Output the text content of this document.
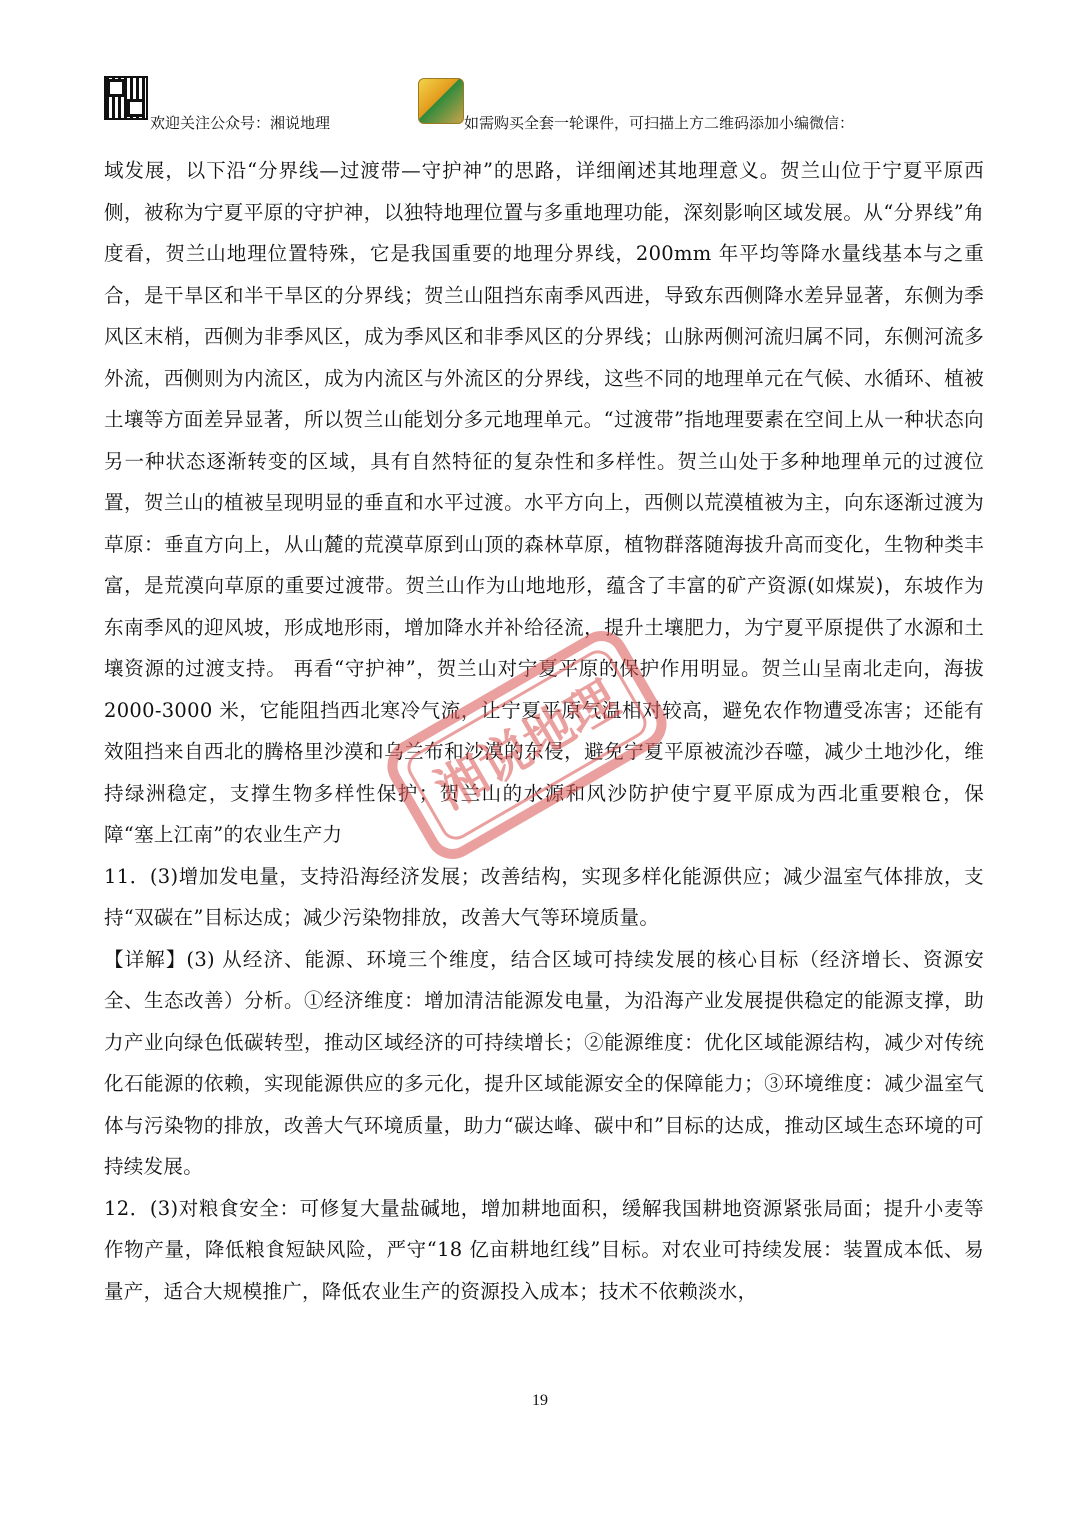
欢迎关注公众号：湘说地理	如需购买全套一轮课件，可扫描上方二维码添加小编微信：

域发展，以下沿“分界线—过渡带—守护神”的思路，详细阐述其地理意义。贺兰山位于宁夏平原西侧，被称为宁夏平原的守护神，以独特地理位置与多重地理功能，深刻影响区域发展。从“分界线”角度看，贺兰山地理位置特殊，它是我国重要的地理分界线，200mm 年平均等降水量线基本与之重合，是干旱区和半干旱区的分界线；贺兰山阻挡东南季风西进，导致东西侧降水差异显著，东侧为季风区末梢，西侧为非季风区，成为季风区和非季风区的分界线；山脉两侧河流归属不同，东侧河流多外流，西侧则为内流区，成为内流区与外流区的分界线，这些不同的地理单元在气候、水循环、植被土壤等方面差异显著，所以贺兰山能划分多元地理单元。“过渡带”指地理要素在空间上从一种状态向另一种状态逐渐转变的区域，具有自然特征的复杂性和多样性。贺兰山处于多种地理单元的过渡位置，贺兰山的植被呈现明显的垂直和水平过渡。水平方向上，西侧以荒漠植被为主，向东逐渐过渡为草原：垂直方向上，从山麓的荒漠草原到山顶的森林草原，植物群落随海拔升高而变化，生物种类丰富，是荒漠向草原的重要过渡带。贺兰山作为山地地形，蕴含了丰富的矿产资源(如煤炭)，东坡作为东南季风的迎风坡，形成地形雨，增加降水并补给径流，提升土壤肥力，为宁夏平原提供了水源和土壤资源的过渡支持。 再看“守护神”，贺兰山对宁夏平原的保护作用明显。贺兰山呈南北走向，海拔 2000-3000 米，它能阻挡西北寒冷气流，让宁夏平原气温相对较高，避免农作物遭受冻害；还能有效阻挡来自西北的腾格里沙漠和乌兰布和沙漠的东侵，避免宁夏平原被流沙吞噬，减少土地沙化，维持绿洲稳定，支撑生物多样性保护；贺兰山的水源和风沙防护使宁夏平原成为西北重要粮仓，保障“塞上江南”的农业生产力

11．(3)增加发电量，支持沿海经济发展；改善结构，实现多样化能源供应；减少温室气体排放，支持“双碳在”目标达成；减少污染物排放，改善大气等环境质量。

【详解】(3) 从经济、能源、环境三个维度，结合区域可持续发展的核心目标（经济增长、资源安全、生态改善）分析。①经济维度：增加清洁能源发电量，为沿海产业发展提供稳定的能源支撑，助力产业向绿色低碳转型，推动区域经济的可持续增长；②能源维度：优化区域能源结构，减少对传统化石能源的依赖，实现能源供应的多元化，提升区域能源安全的保障能力；③环境维度：减少温室气体与污染物的排放，改善大气环境质量，助力“碳达峰、碳中和”目标的达成，推动区域生态环境的可持续发展。

12．(3)对粮食安全：可修复大量盐碱地，增加耕地面积，缓解我国耕地资源紧张局面；提升小麦等作物产量，降低粮食短缺风险，严守“18 亿亩耕地红线”目标。对农业可持续发展：装置成本低、易量产，适合大规模推广，降低农业生产的资源投入成本；技术不依赖淡水，

湘说地理
19
